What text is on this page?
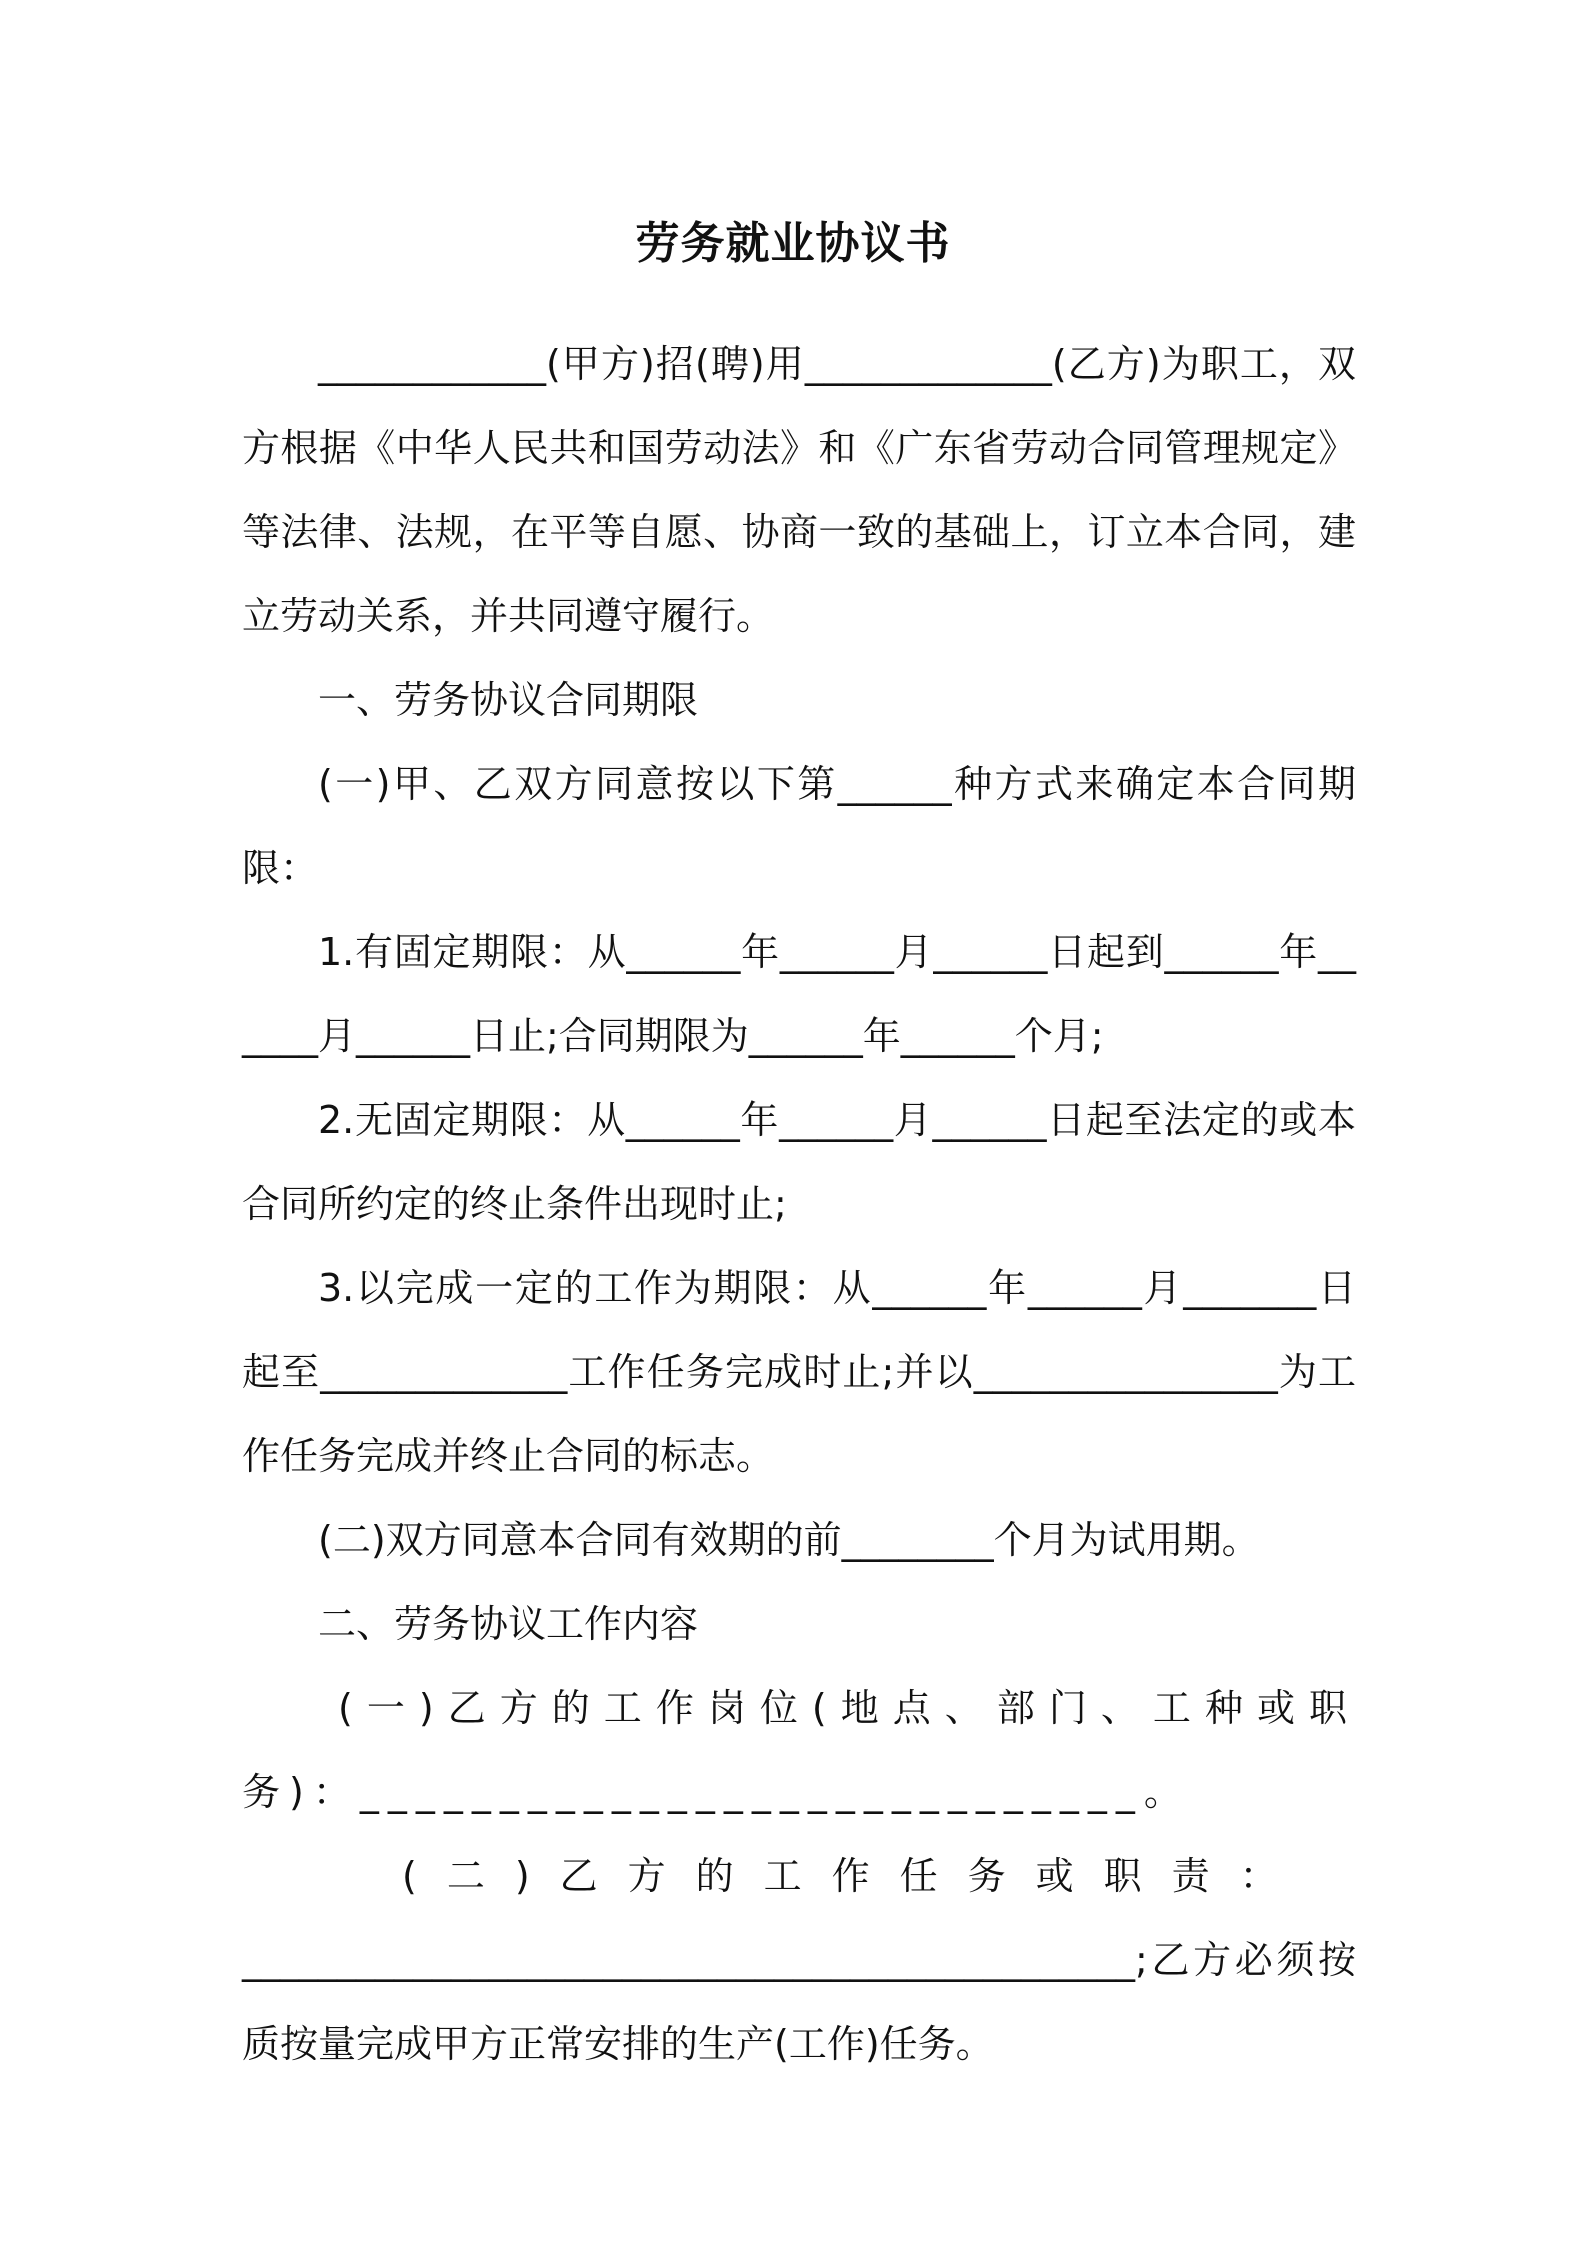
劳务就业协议书

____________(甲方)招(聘)用_____________(乙方)为职工，双方根据《中华人民共和国劳动法》和《广东省劳动合同管理规定》等法律、法规，在平等自愿、协商一致的基础上，订立本合同，建立劳动关系，并共同遵守履行。

一、劳务协议合同期限

(一)甲、乙双方同意按以下第______种方式来确定本合同期限：

1.有固定期限：从______年______月______日起到______年______月______日止;合同期限为______年______个月;

2.无固定期限：从______年______月______日起至法定的或本合同所约定的终止条件出现时止;

3.以完成一定的工作为期限：从______年______月_______日起至_____________工作任务完成时止;并以________________为工作任务完成并终止合同的标志。

(二)双方同意本合同有效期的前________个月为试用期。

二、劳务协议工作内容

(一)乙方的工作岗位(地点、部门、工种或职务)：____________________________。

(二)乙方的工作任务或职责：

_______________________________________________;乙方必须按质按量完成甲方正常安排的生产(工作)任务。
